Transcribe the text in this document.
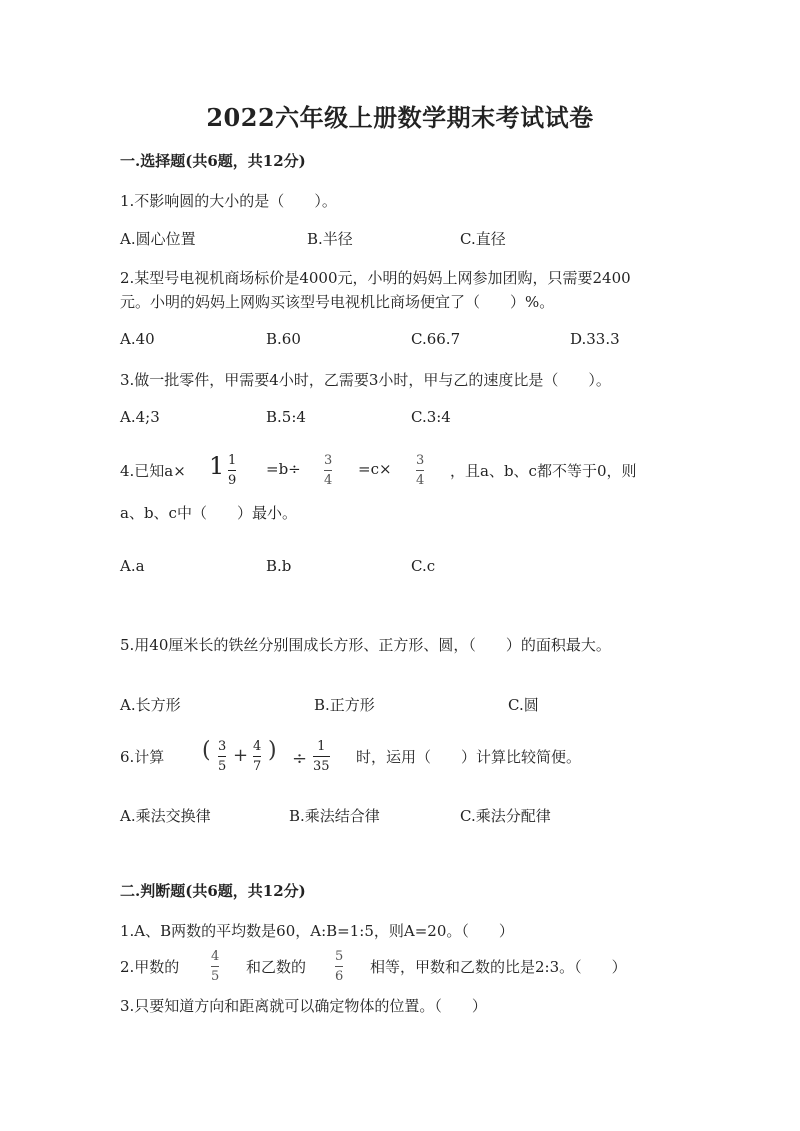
2022六年级上册数学期末考试试卷
一.选择题(共6题，共12分)
1.不影响圆的大小的是（　　）。
A.圆心位置	B.半径	C.直径
2.某型号电视机商场标价是4000元，小明的妈妈上网参加团购，只需要2400
元。小明的妈妈上网购买该型号电视机比商场便宜了（　　）%。
A.40	B.60	C.66.7	D.33.3
3.做一批零件，甲需要4小时，乙需要3小时，甲与乙的速度比是（　　）。
A.4;3	B.5:4	C.3:4
4.已知a× 1 1
9
=b÷ 3
4
=c× 3
4
，且a、b、c都不等于0，则
a、b、c中（　　）最小。
A.a	B.b	C.c
5.用40厘米长的铁丝分别围成长方形、正方形、圆，（　　）的面积最大。
A.长方形	B.正方形	C.圆
6.计算 ( 3
5
+ 4
7
) ÷
1
35
时，运用（　　）计算比较简便。
A.乘法交换律	B.乘法结合律	C.乘法分配律
二.判断题(共6题，共12分)
1.A、B两数的平均数是60，A:B=1:5，则A=20。（　　）
2.甲数的
4
5
和乙数的
5
6
相等，甲数和乙数的比是2:3。（　　）
3.只要知道方向和距离就可以确定物体的位置。（　　）
